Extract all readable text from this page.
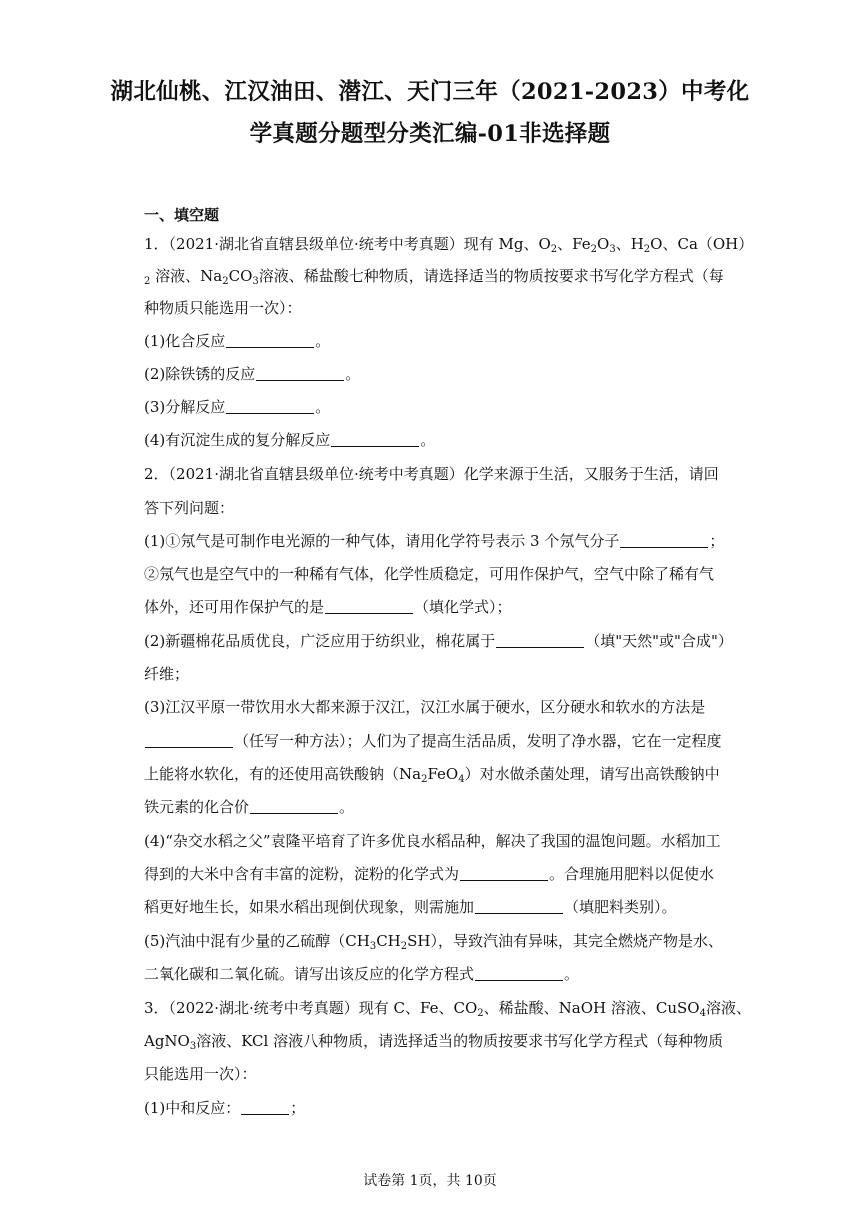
湖北仙桃、江汉油田、潜江、天门三年（2021-2023）中考化
学真题分题型分类汇编-01非选择题
一、填空题
1．（2021·湖北省直辖县级单位·统考中考真题）现有 Mg、$O_2$、$Fe_2O_3$、$H_2O$、Ca（OH）
$_2$ 溶液、$Na_2CO_3$溶液、稀盐酸七种物质，请选择适当的物质按要求书写化学方程式（每
种物质只能选用一次）：
(1)化合反应	。
(2)除铁锈的反应	。
(3)分解反应	。
(4)有沉淀生成的复分解反应	。
2．（2021·湖北省直辖县级单位·统考中考真题）化学来源于生活，又服务于生活，请回
答下列问题：
(1)①氖气是可制作电光源的一种气体，请用化学符号表示 3 个氖气分子	；
②氖气也是空气中的一种稀有气体，化学性质稳定，可用作保护气，空气中除了稀有气
体外，还可用作保护气的是	（填化学式）；
(2)新疆棉花品质优良，广泛应用于纺织业，棉花属于	（填"天然"或"合成"）
纤维；
(3)江汉平原一带饮用水大都来源于汉江，汉江水属于硬水，区分硬水和软水的方法是
（任写一种方法）；人们为了提高生活品质，发明了净水器，它在一定程度
上能将水软化，有的还使用高铁酸钠$(Na_2FeO_4)$对水做杀菌处理，请写出高铁酸钠中
铁元素的化合价	。
(4)“杂交水稻之父”袁隆平培育了许多优良水稻品种，解决了我国的温饱问题。水稻加工
得到的大米中含有丰富的淀粉，淀粉的化学式为	。合理施用肥料以促使水
稻更好地生长，如果水稻出现倒伏现象，则需施加	（填肥料类别）。
(5)汽油中混有少量的乙硫醇$(CH_3CH_2SH)$，导致汽油有异味，其完全燃烧产物是水、
二氧化碳和二氧化硫。请写出该反应的化学方程式	。
3．（2022·湖北·统考中考真题）现有 C、Fe、$CO_2$、稀盐酸、NaOH 溶液、CuSO$_4$溶液、
AgNO$_3$溶液、KCl 溶液八种物质，请选择适当的物质按要求书写化学方程式（每种物质
只能选用一次）：
(1)中和反应：	；
试卷第 1页，共 10页
